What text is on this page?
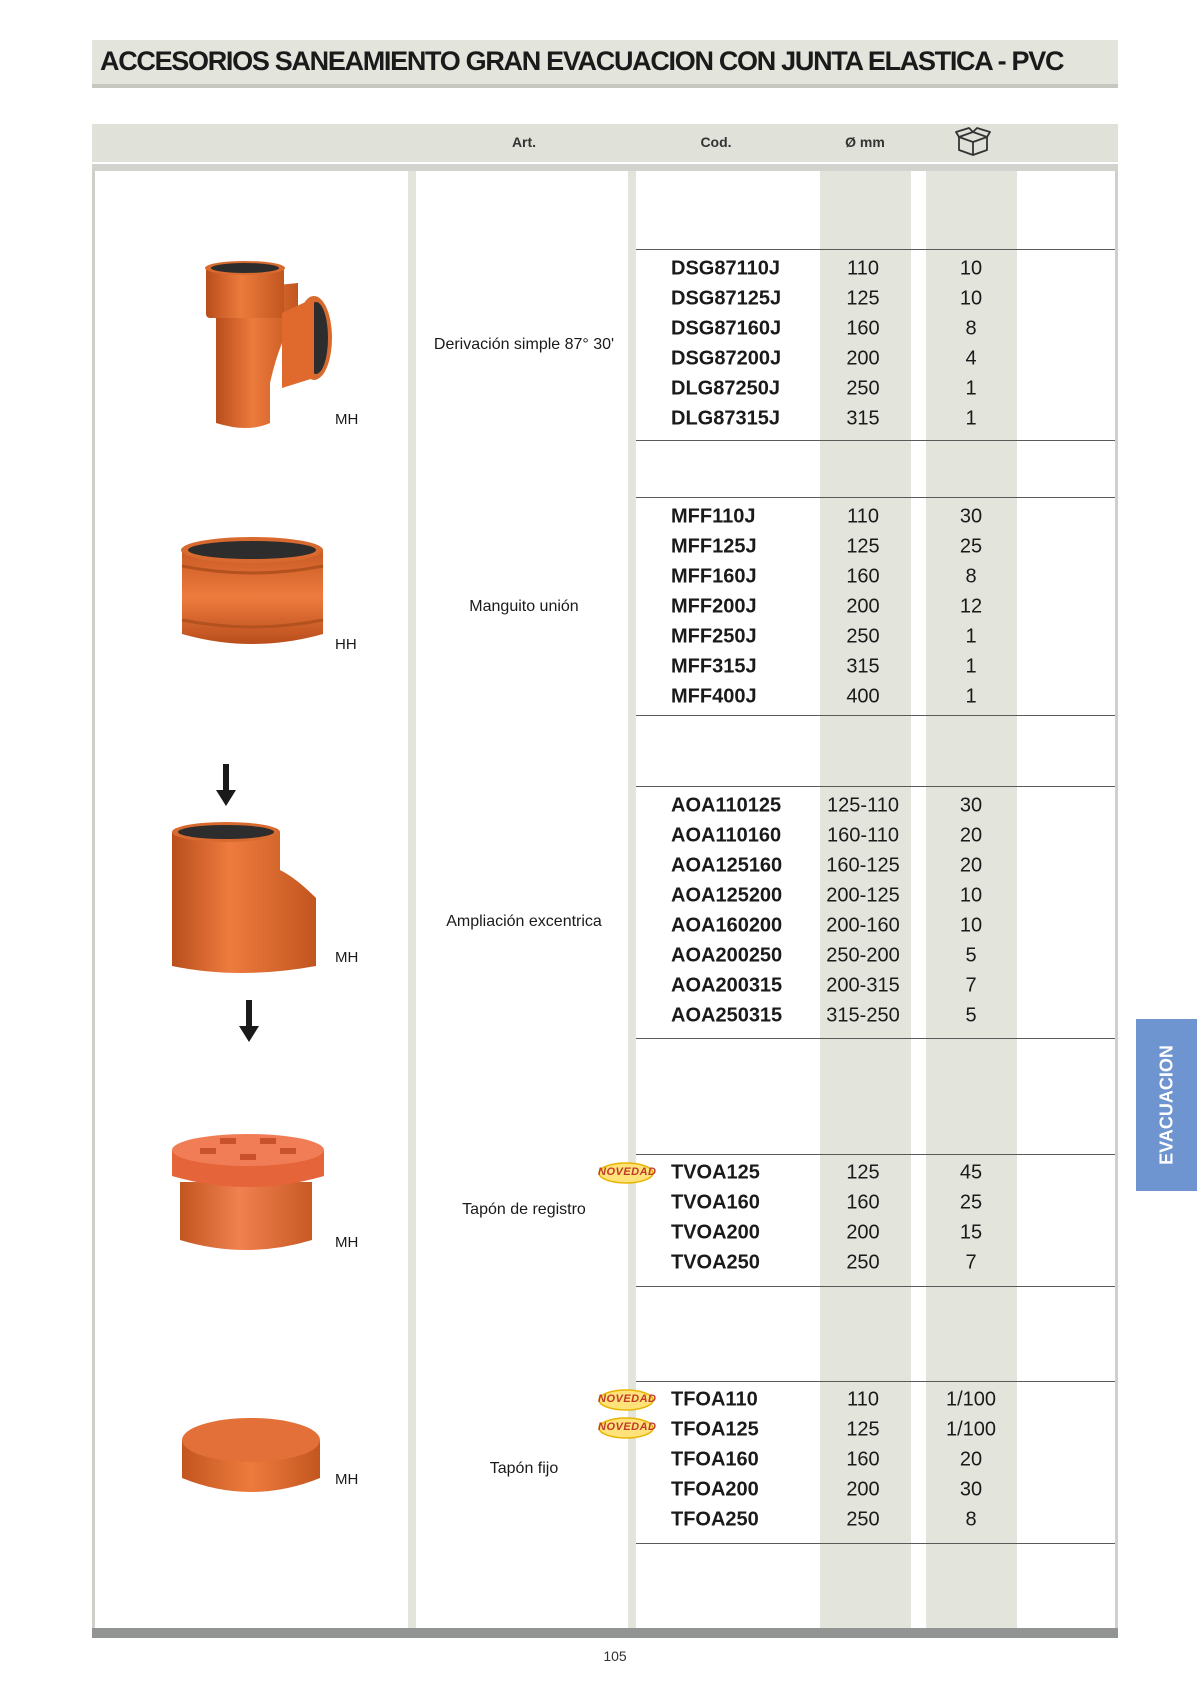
ACCESORIOS SANEAMIENTO GRAN EVACUACION CON JUNTA ELASTICA - PVC
Art.	Cod.	Ø mm
MH
HH
MH
MH
MH
Derivación simple 87° 30'
Manguito unión
Ampliación excentrica
Tapón de registro
Tapón fijo
DSG87110J	110	10
DSG87125J	125	10
DSG87160J	160	8
DSG87200J	200	4
DLG87250J	250	1
DLG87315J	315	1
MFF110J	110	30
MFF125J	125	25
MFF160J	160	8
MFF200J	200	12
MFF250J	250	1
MFF315J	315	1
MFF400J	400	1
AOA110125 125-110	30
AOA110160 160-110	20
AOA125160 160-125	20
AOA125200 200-125	10
AOA160200 200-160	10
AOA200250 250-200	5
AOA200315 200-315	7
AOA250315 315-250	5
NOVEDAD TVOA125	125	45
TVOA160	160	25
TVOA200	200	15
TVOA250	250	7
NOVEDAD
NOVEDAD
TFOA110	110	1/100
TFOA125	125	1/100
TFOA160	160	20
TFOA200	200	30
TFOA250	250	8
EVACUACION
105
